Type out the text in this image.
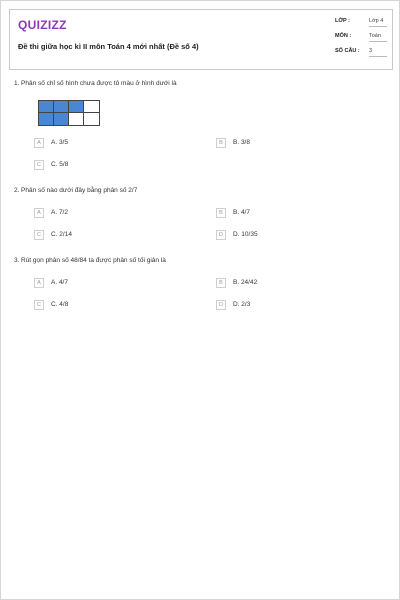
QUIZIZZ
Đề thi giữa học kì II môn Toán 4 mới nhất (Đề số 4)
LỚP :	Lớp 4
MÔN :	Toán
SỐ CÂU : 3
1. Phân số chỉ số hình chưa được tô màu ở hình dưới là
A	A. 3/5	B	B. 3/8
C	C. 5/8
2. Phân số nào dưới đây bằng phân số 2/7
A	A. 7/2	B	B. 4/7
C	C. 2/14	D	D. 10/35
3. Rút gọn phân số 48/84 ta được phân số tối giản là
A	A. 4/7	B	B. 24/42
C	C. 4/8	D	D. 2/3
